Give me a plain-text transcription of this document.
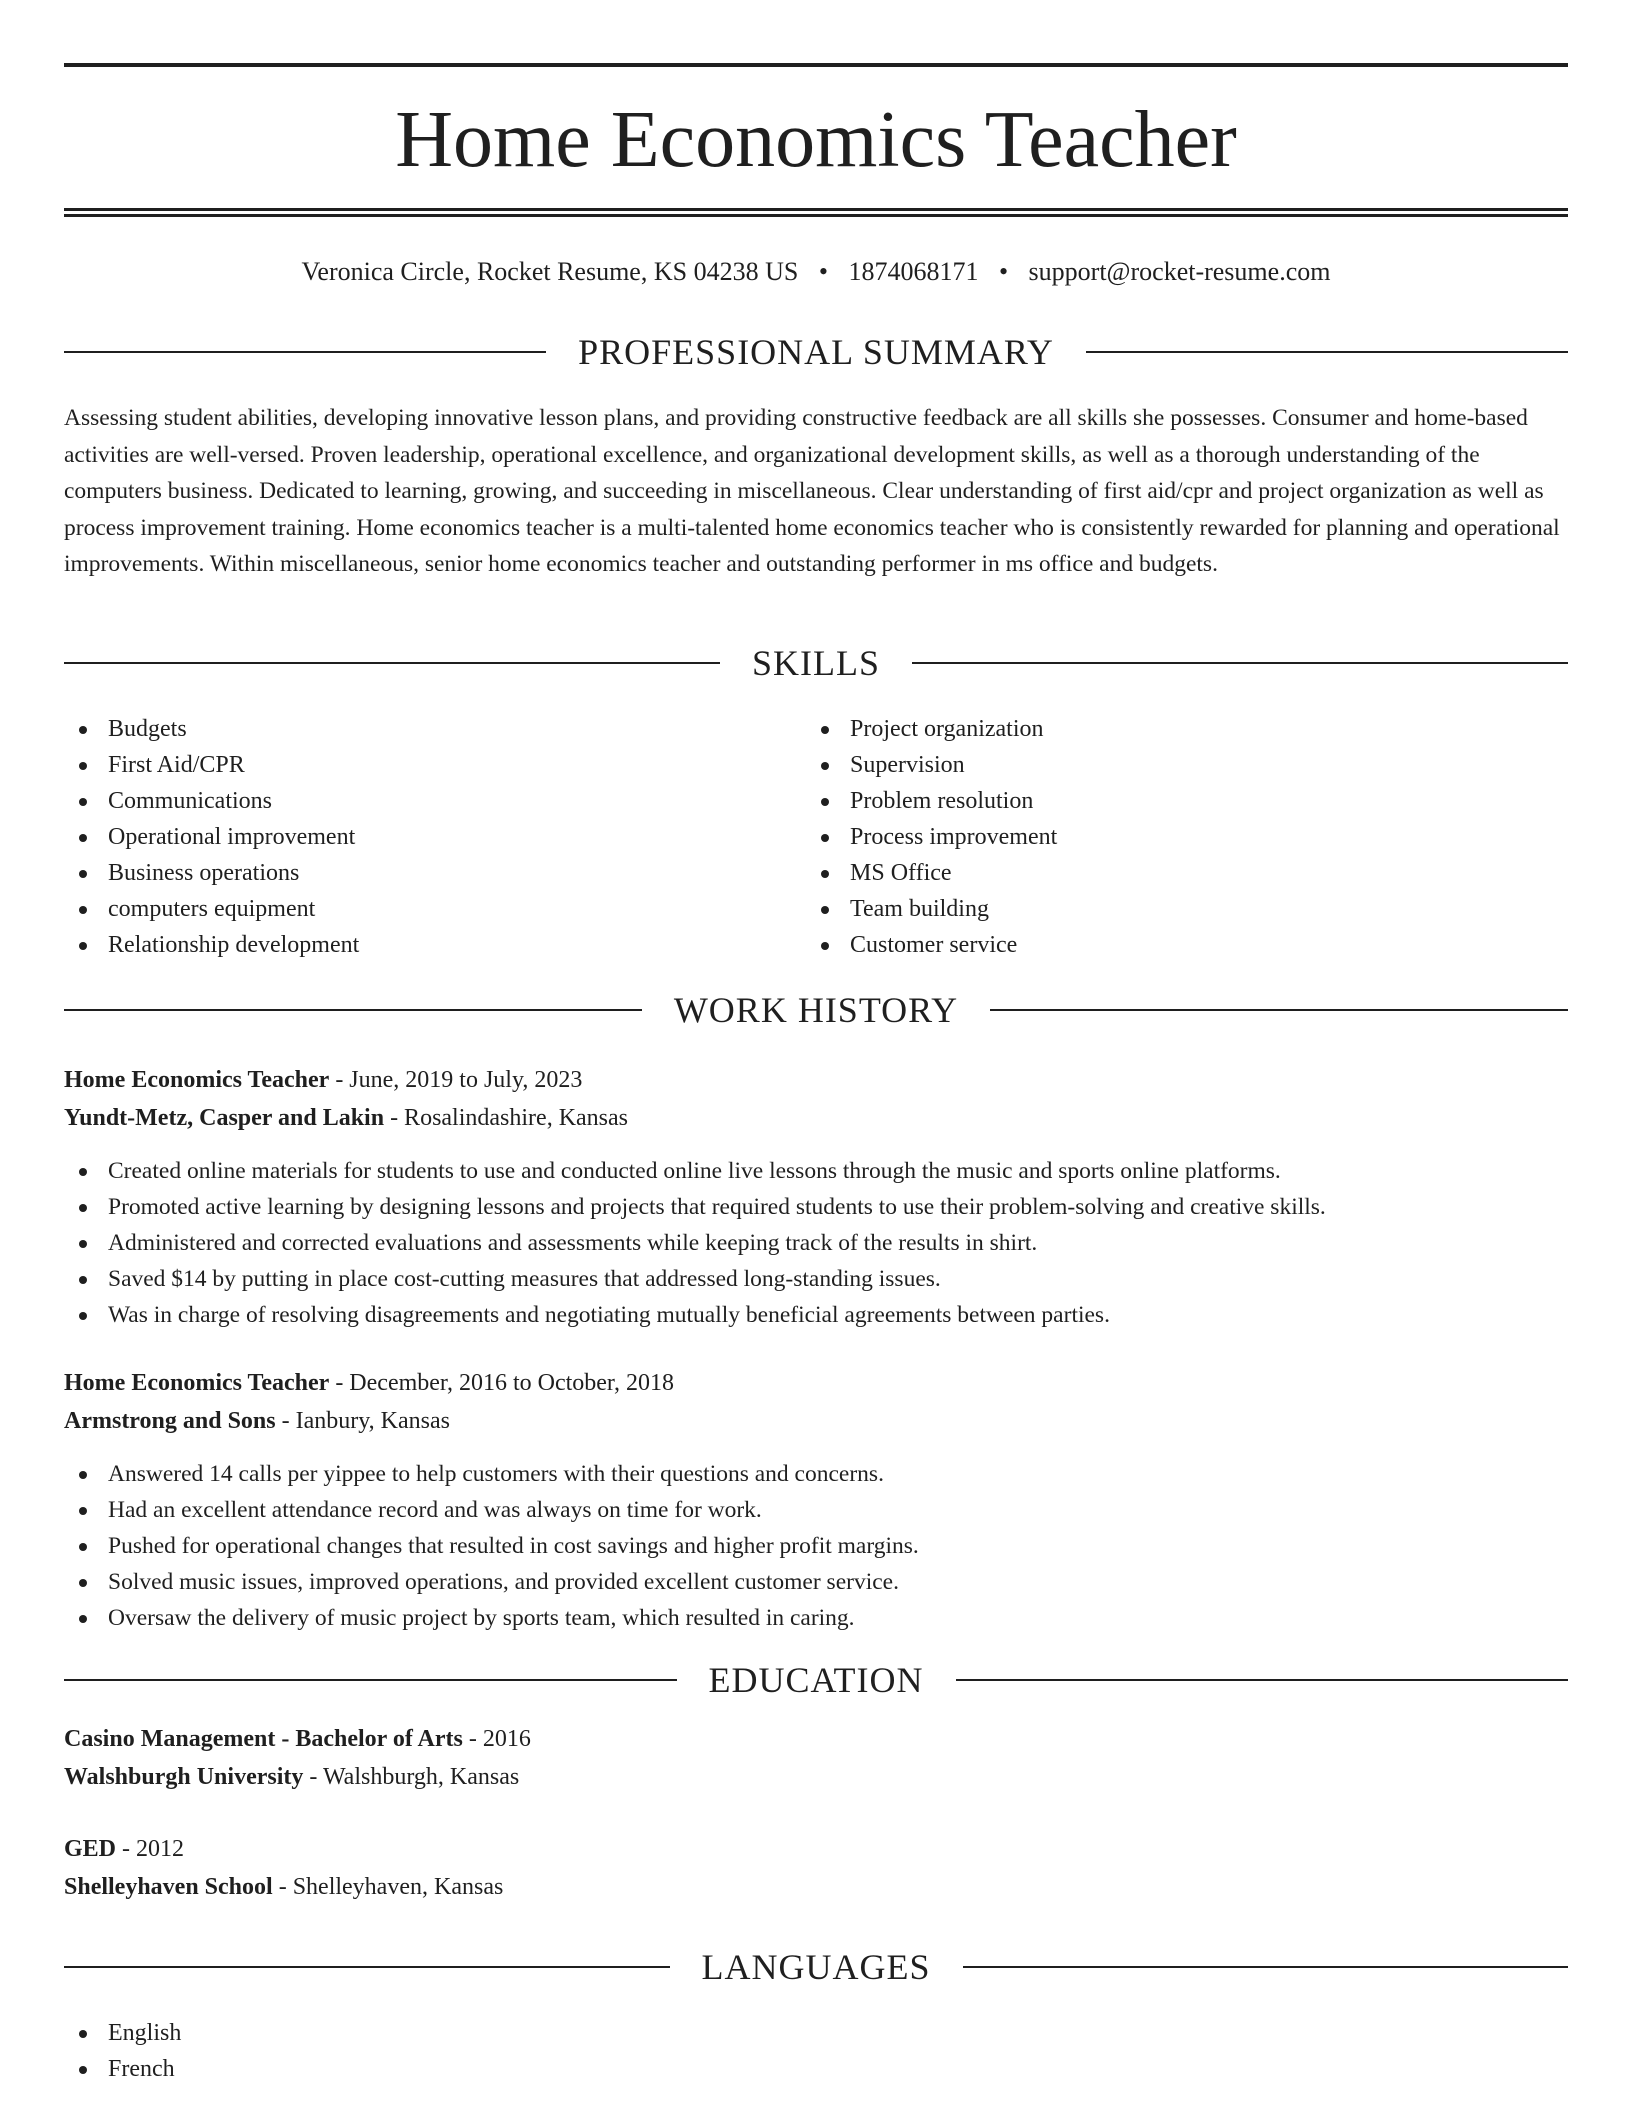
Home Economics Teacher
Veronica Circle, Rocket Resume, KS 04238 US • 1874068171 • support@rocket-resume.com
PROFESSIONAL SUMMARY

Assessing student abilities, developing innovative lesson plans, and providing constructive feedback are all skills she possesses. Consumer and home-based activities are well-versed. Proven leadership, operational excellence, and organizational development skills, as well as a thorough understanding of the computers business. Dedicated to learning, growing, and succeeding in miscellaneous. Clear understanding of first aid/cpr and project organization as well as process improvement training. Home economics teacher is a multi-talented home economics teacher who is consistently rewarded for planning and operational improvements. Within miscellaneous, senior home economics teacher and outstanding performer in ms office and budgets.

SKILLS
Budgets
First Aid/CPR
Communications
Operational improvement
Business operations
computers equipment
Relationship development
Project organization
Supervision
Problem resolution
Process improvement
MS Office
Team building
Customer service
WORK HISTORY
Home Economics Teacher - June, 2019 to July, 2023
Yundt-Metz, Casper and Lakin - Rosalindashire, Kansas
Created online materials for students to use and conducted online live lessons through the music and sports online platforms.
Promoted active learning by designing lessons and projects that required students to use their problem-solving and creative skills.
Administered and corrected evaluations and assessments while keeping track of the results in shirt.
Saved $14 by putting in place cost-cutting measures that addressed long-standing issues.
Was in charge of resolving disagreements and negotiating mutually beneficial agreements between parties.
Home Economics Teacher - December, 2016 to October, 2018
Armstrong and Sons - Ianbury, Kansas
Answered 14 calls per yippee to help customers with their questions and concerns.
Had an excellent attendance record and was always on time for work.
Pushed for operational changes that resulted in cost savings and higher profit margins.
Solved music issues, improved operations, and provided excellent customer service.
Oversaw the delivery of music project by sports team, which resulted in caring.
EDUCATION
Casino Management - Bachelor of Arts - 2016
Walshburgh University - Walshburgh, Kansas
GED - 2012
Shelleyhaven School - Shelleyhaven, Kansas
LANGUAGES
English
French
